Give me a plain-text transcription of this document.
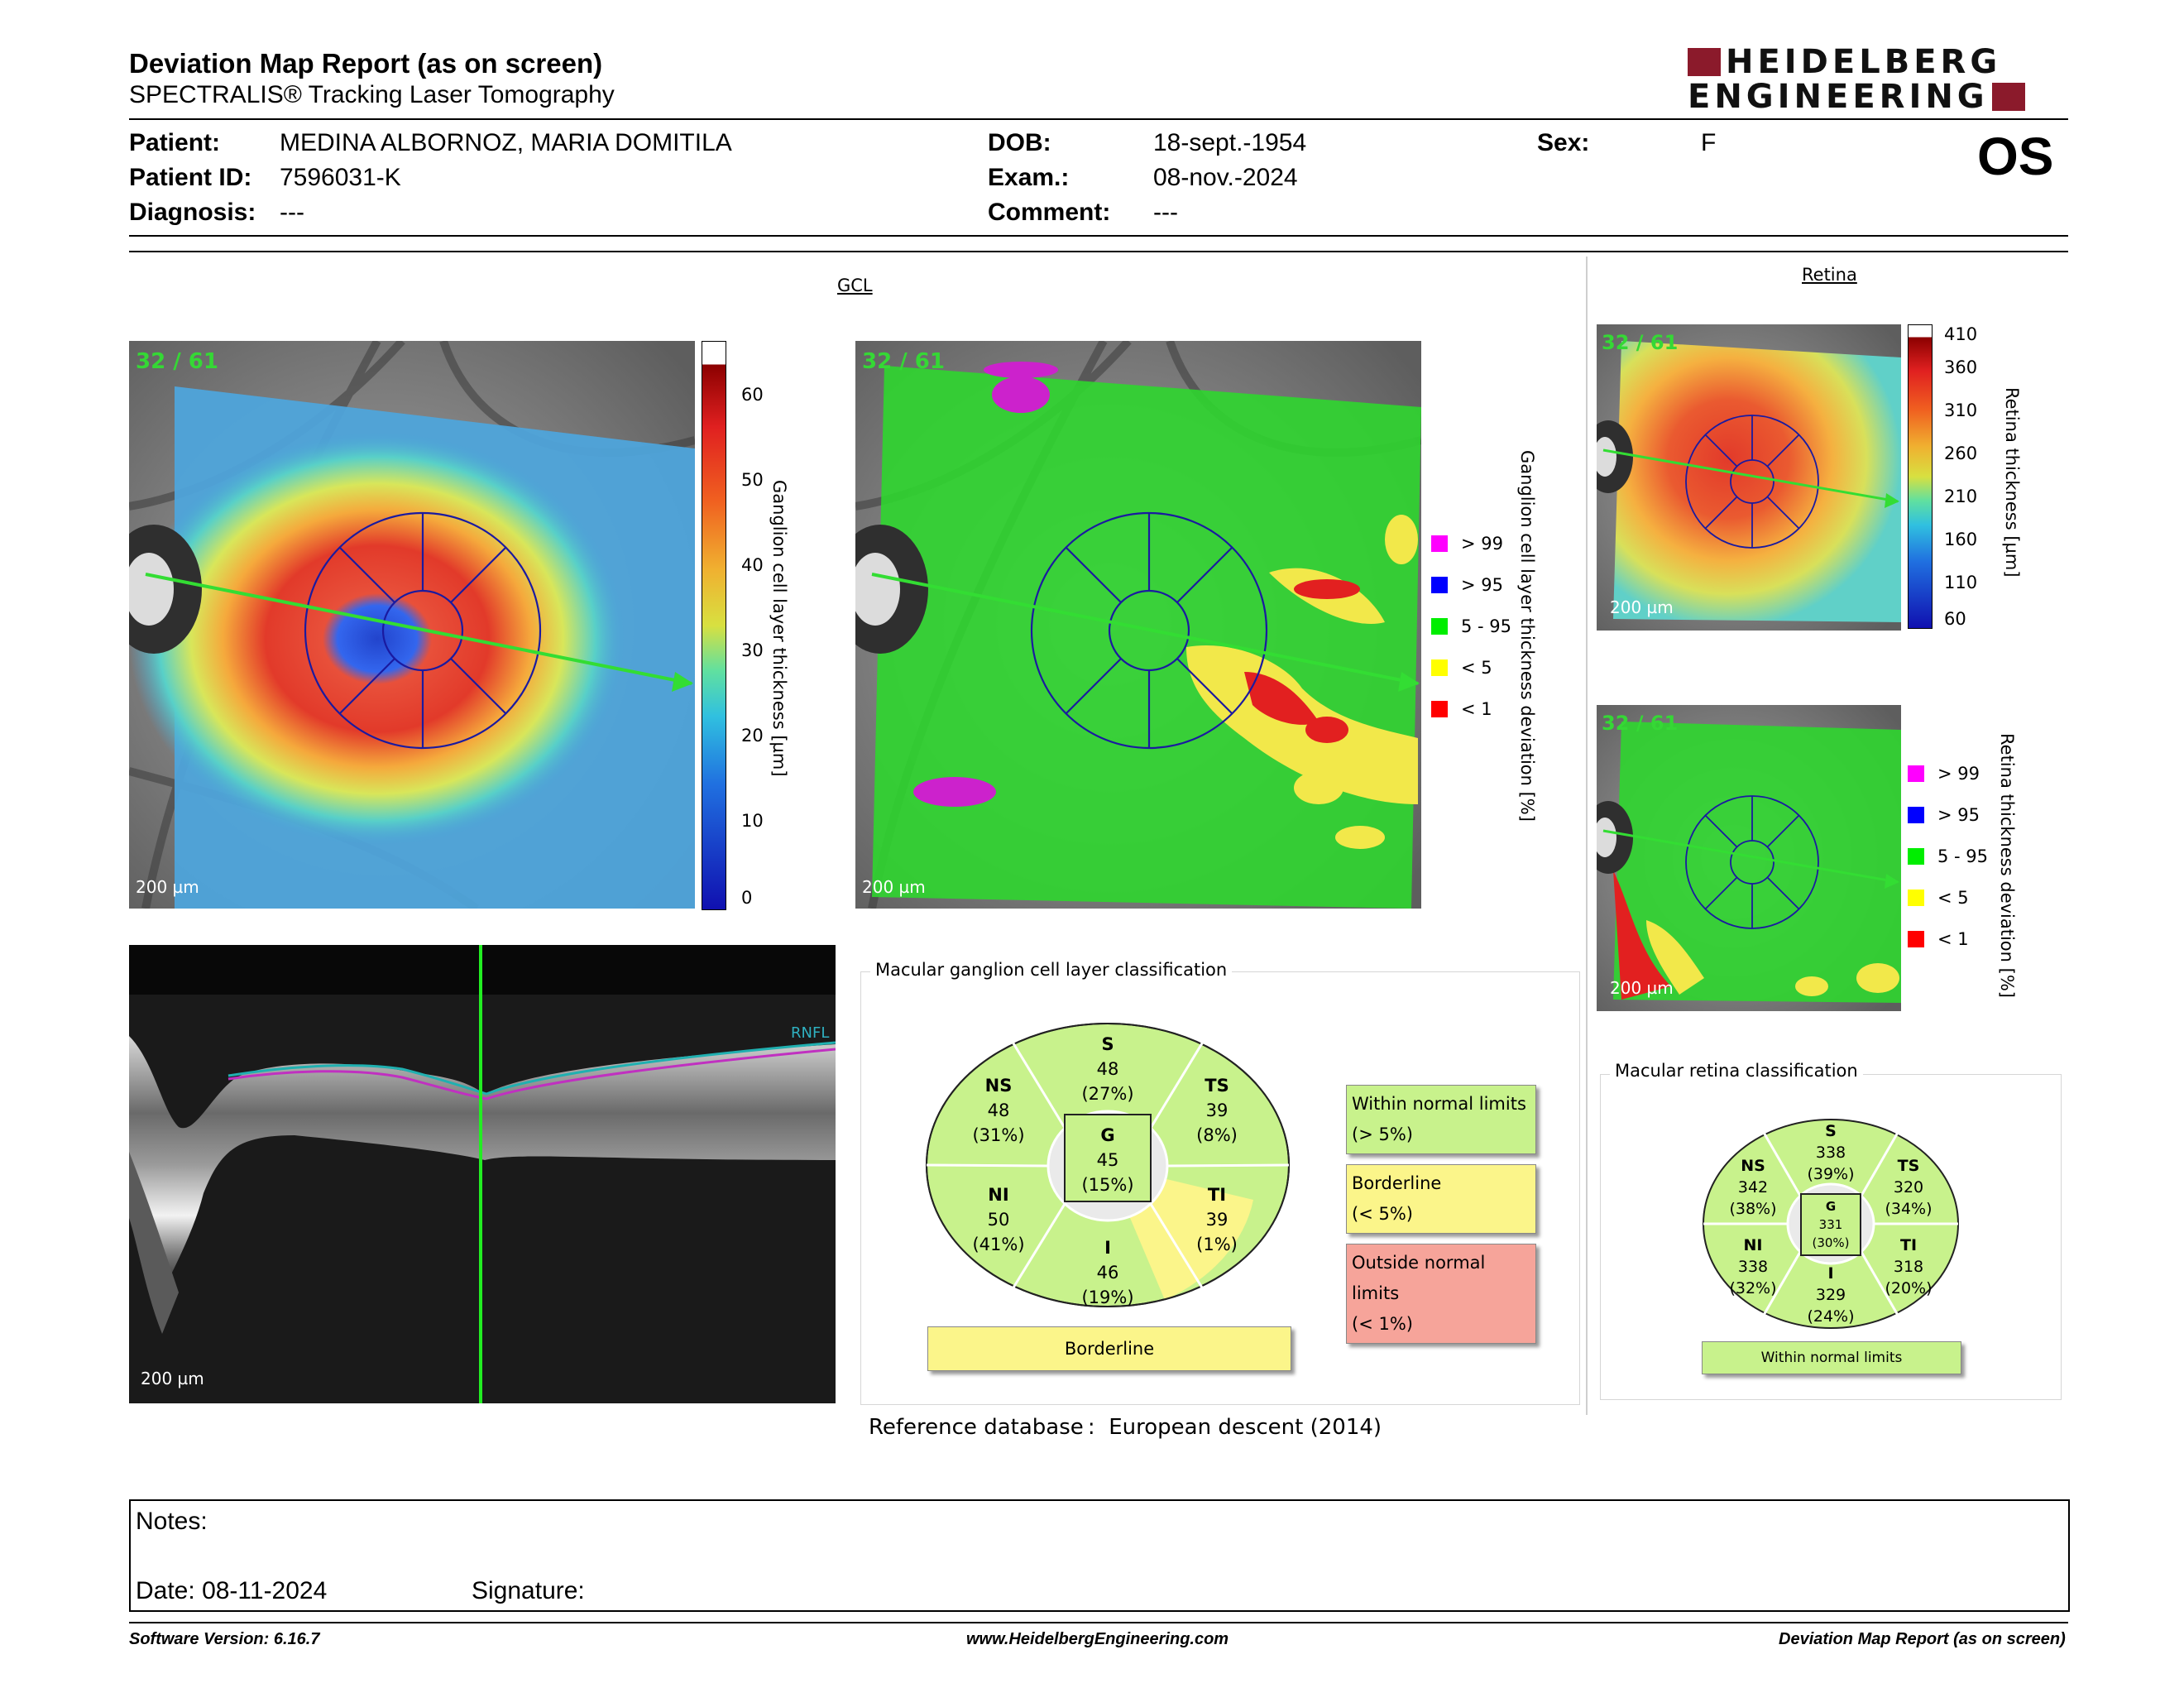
Deviation Map Report (as on screen)
SPECTRALIS® Tracking Laser Tomography
HEIDELBERG
ENGINEERING
Patient: MEDINA ALBORNOZ, MARIA DOMITILA
Patient ID: 7596031-K
Diagnosis: ---
DOB:	18-sept.-1954
Exam.:	08-nov.-2024
Comment: ---
Sex:	F	OS
GCL
Retina
32 / 61
200 µm
60
50
40
30
20
10
0
Ganglion cell layer thickness [µm]
32 / 61
200 µm
> 99
> 95
5 - 95
< 5
< 1 Ganglion cell layer thickness deviation [%]
32 / 61
200 µm
410
360
310
260
210
160
110
60
Retina thickness [µm]
32 / 61
200 µm
> 99
> 95
5 - 95
< 5
< 1 Retina thickness deviation [%]
RNFL
200 µm
S
48
(27%)
NS
48
(31%)
TS
39
(8%)
G
45
(15%)
NI
50
(41%)
TI
39
(1%)
I
46
(19%)
Borderline
Within normal limits
(> 5%)
Borderline
(< 5%)
Outside normal limits
(< 1%)
Macular ganglion cell layer classification
S
338
(39%)
NS
342
(38%)
TS
320
(34%)
G
331
(30%)
NI
338
(32%)
TI
318
(20%)
I
329
(24%)
Within normal limits
Macular retina classification
Reference database :  European descent (2014)
Notes:
Date: 08-11-2024	Signature:
Software Version: 6.16.7	www.HeidelbergEngineering.com	Deviation Map Report (as on screen)
